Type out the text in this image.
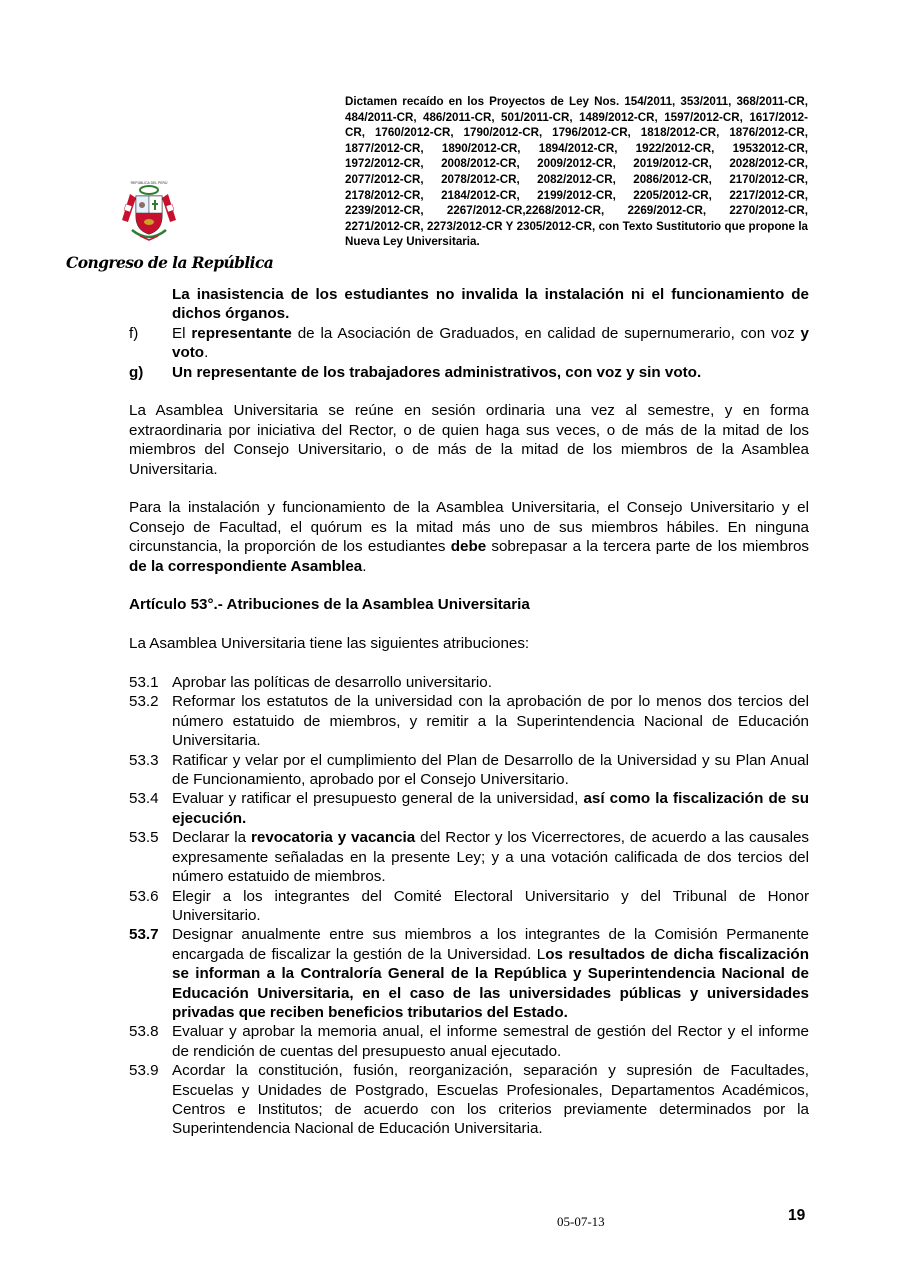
Dictamen recaído en los Proyectos de Ley Nos. 154/2011, 353/2011, 368/2011-CR, 484/2011-CR, 486/2011-CR, 501/2011-CR, 1489/2012-CR, 1597/2012-CR, 1617/2012-CR, 1760/2012-CR, 1790/2012-CR, 1796/2012-CR, 1818/2012-CR, 1876/2012-CR, 1877/2012-CR, 1890/2012-CR, 1894/2012-CR, 1922/2012-CR, 19532012-CR, 1972/2012-CR, 2008/2012-CR, 2009/2012-CR, 2019/2012-CR, 2028/2012-CR, 2077/2012-CR, 2078/2012-CR, 2082/2012-CR, 2086/2012-CR, 2170/2012-CR, 2178/2012-CR, 2184/2012-CR, 2199/2012-CR, 2205/2012-CR, 2217/2012-CR, 2239/2012-CR, 2267/2012-CR,2268/2012-CR, 2269/2012-CR, 2270/2012-CR, 2271/2012-CR, 2273/2012-CR Y 2305/2012-CR, con Texto Sustitutorio que propone la Nueva Ley Universitaria.
REPÚBLICA DEL PERÚ
Congreso de la República
La inasistencia de los estudiantes no invalida la instalación ni el funcionamiento de dichos órganos.
f)	El representante de la Asociación de Graduados, en calidad de supernumerario, con voz y voto.
g)	Un representante de los trabajadores administrativos, con voz y sin voto.

La Asamblea Universitaria se reúne en sesión ordinaria una vez al semestre, y en forma extraordinaria por iniciativa del Rector, o de quien haga sus veces, o de más de la mitad de los miembros del Consejo Universitario, o de más de la mitad de los miembros de la Asamblea Universitaria.

Para la instalación y funcionamiento de la Asamblea Universitaria, el Consejo Universitario y el Consejo de Facultad, el quórum es la mitad más uno de sus miembros hábiles. En ninguna circunstancia, la proporción de los estudiantes debe sobrepasar a la tercera parte de los miembros de la correspondiente Asamblea.

Artículo 53°.- Atribuciones de la Asamblea Universitaria

La Asamblea Universitaria tiene las siguientes atribuciones:

53.1 Aprobar las políticas de desarrollo universitario.
53.2 Reformar los estatutos de la universidad con la aprobación de por lo menos dos tercios del número estatuido de miembros, y remitir a la Superintendencia Nacional de Educación Universitaria.
53.3 Ratificar y velar por el cumplimiento del Plan de Desarrollo de la Universidad y su Plan Anual de Funcionamiento, aprobado por el Consejo Universitario.
53.4 Evaluar y ratificar el presupuesto general de la universidad, así como la fiscalización de su ejecución.
53.5 Declarar la revocatoria y vacancia del Rector y los Vicerrectores, de acuerdo a las causales expresamente señaladas en la presente Ley; y a una votación calificada de dos tercios del número estatuido de miembros.
53.6 Elegir a los integrantes del Comité Electoral Universitario y del Tribunal de Honor Universitario.
53.7 Designar anualmente entre sus miembros a los integrantes de la Comisión Permanente encargada de fiscalizar la gestión de la Universidad. Los resultados de dicha fiscalización se informan a la Contraloría General de la República y Superintendencia Nacional de Educación Universitaria, en el caso de las universidades públicas y universidades privadas que reciben beneficios tributarios del Estado.
53.8 Evaluar y aprobar la memoria anual, el informe semestral de gestión del Rector y el informe de rendición de cuentas del presupuesto anual ejecutado.
53.9 Acordar la constitución, fusión, reorganización, separación y supresión de Facultades, Escuelas y Unidades de Postgrado, Escuelas Profesionales, Departamentos Académicos, Centros e Institutos; de acuerdo con los criterios previamente determinados por la Superintendencia Nacional de Educación Universitaria.
05-07-13	19
